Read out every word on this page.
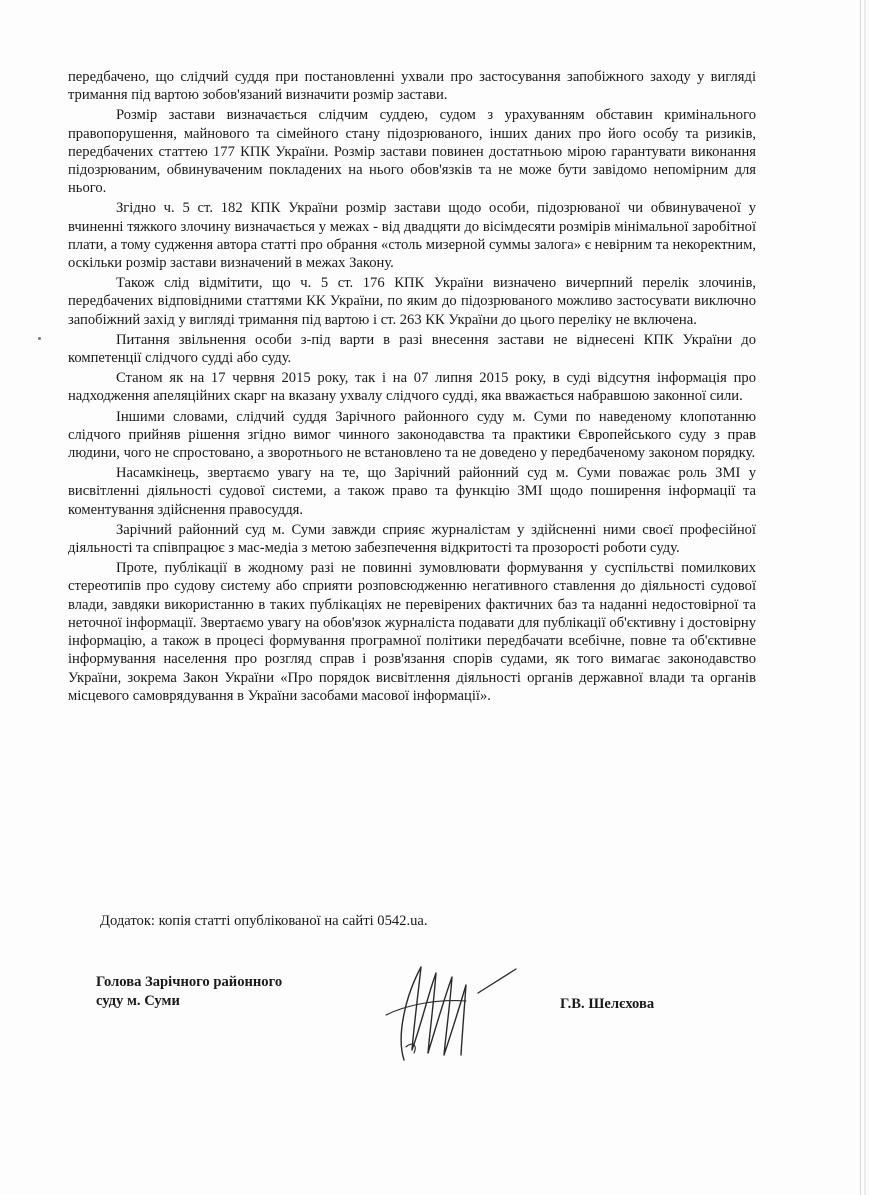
передбачено, що слідчий суддя при постановленні ухвали про застосування запобіжного заходу у вигляді тримання під вартою зобов'язаний визначити розмір застави.

Розмір застави визначається слідчим суддею, судом з урахуванням обставин кримінального правопорушення, майнового та сімейного стану підозрюваного, інших даних про його особу та ризиків, передбачених статтею 177 КПК України. Розмір застави повинен достатньою мірою гарантувати виконання підозрюваним, обвинуваченим покладених на нього обов'язків та не може бути завідомо непомірним для нього.

Згідно ч. 5 ст. 182 КПК України розмір застави щодо особи, підозрюваної чи обвинуваченої у вчиненні тяжкого злочину визначається у межах - від двадцяти до вісімдесяти розмірів мінімальної заробітної плати, а тому судження автора статті про обрання «столь мизерной суммы залога» є невірним та некоректним, оскільки розмір застави визначений в межах Закону.

Також слід відмітити, що ч. 5 ст. 176 КПК України визначено вичерпний перелік злочинів, передбачених відповідними статтями КК України, по яким до підозрюваного можливо застосувати виключно запобіжний захід у вигляді тримання під вартою і ст. 263 КК України до цього переліку не включена.

Питання звільнення особи з-під варти в разі внесення застави не віднесені КПК України до компетенції слідчого судді або суду.

Станом як на 17 червня 2015 року, так і на 07 липня 2015 року, в суді відсутня інформація про надходження апеляційних скарг на вказану ухвалу слідчого судді, яка вважається набравшою законної сили.

Іншими словами, слідчий суддя Зарічного районного суду м. Суми по наведеному клопотанню слідчого прийняв рішення згідно вимог чинного законодавства та практики Європейського суду з прав людини, чого не спростовано, а зворотнього не встановлено та не доведено у передбаченому законом порядку.

Насамкінець, звертаємо увагу на те, що Зарічний районний суд м. Суми поважає роль ЗМІ у висвітленні діяльності судової системи, а також право та функцію ЗМІ щодо поширення інформації та коментування здійснення правосуддя.

Зарічний районний суд м. Суми завжди сприяє журналістам у здійсненні ними своєї професійної діяльності та співпрацює з мас-медіа з метою забезпечення відкритості та прозорості роботи суду.

Проте, публікації в жодному разі не повинні зумовлювати формування у суспільстві помилкових стереотипів про судову систему або сприяти розповсюдженню негативного ставлення до діяльності судової влади, завдяки використанню в таких публікаціях не перевірених фактичних баз та наданні недостовірної та неточної інформації. Звертаємо увагу на обов'язок журналіста подавати для публікації об'єктивну і достовірну інформацію, а також в процесі формування програмної політики передбачати всебічне, повне та об'єктивне інформування населення про розгляд справ і розв'язання спорів судами, як того вимагає законодавство України, зокрема Закон України «Про порядок висвітлення діяльності органів державної влади та органів місцевого самоврядування в України засобами масової інформації».

Додаток: копія статті опублікованої на сайті 0542.ua.
Голова Зарічного районного
суду м. Суми	Г.В. Шелєхова
